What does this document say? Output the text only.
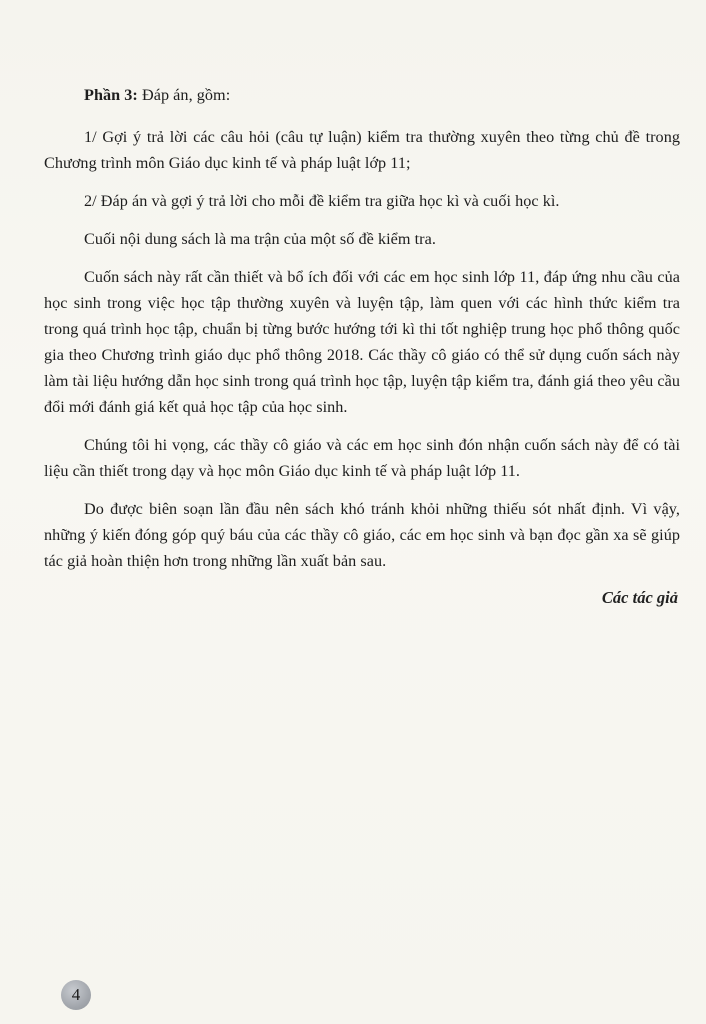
Phần 3: Đáp án, gồm:

1/ Gợi ý trả lời các câu hỏi (câu tự luận) kiểm tra thường xuyên theo từng chủ đề trong Chương trình môn Giáo dục kinh tế và pháp luật lớp 11;

2/ Đáp án và gợi ý trả lời cho mỗi đề kiểm tra giữa học kì và cuối học kì.

Cuối nội dung sách là ma trận của một số đề kiểm tra.

Cuốn sách này rất cần thiết và bổ ích đối với các em học sinh lớp 11, đáp ứng nhu cầu của học sinh trong việc học tập thường xuyên và luyện tập, làm quen với các hình thức kiểm tra trong quá trình học tập, chuẩn bị từng bước hướng tới kì thi tốt nghiệp trung học phổ thông quốc gia theo Chương trình giáo dục phổ thông 2018. Các thầy cô giáo có thể sử dụng cuốn sách này làm tài liệu hướng dẫn học sinh trong quá trình học tập, luyện tập kiểm tra, đánh giá theo yêu cầu đổi mới đánh giá kết quả học tập của học sinh.

Chúng tôi hi vọng, các thầy cô giáo và các em học sinh đón nhận cuốn sách này để có tài liệu cần thiết trong dạy và học môn Giáo dục kinh tế và pháp luật lớp 11.

Do được biên soạn lần đầu nên sách khó tránh khỏi những thiếu sót nhất định. Vì vậy, những ý kiến đóng góp quý báu của các thầy cô giáo, các em học sinh và bạn đọc gần xa sẽ giúp tác giả hoàn thiện hơn trong những lần xuất bản sau.

Các tác giả
4
